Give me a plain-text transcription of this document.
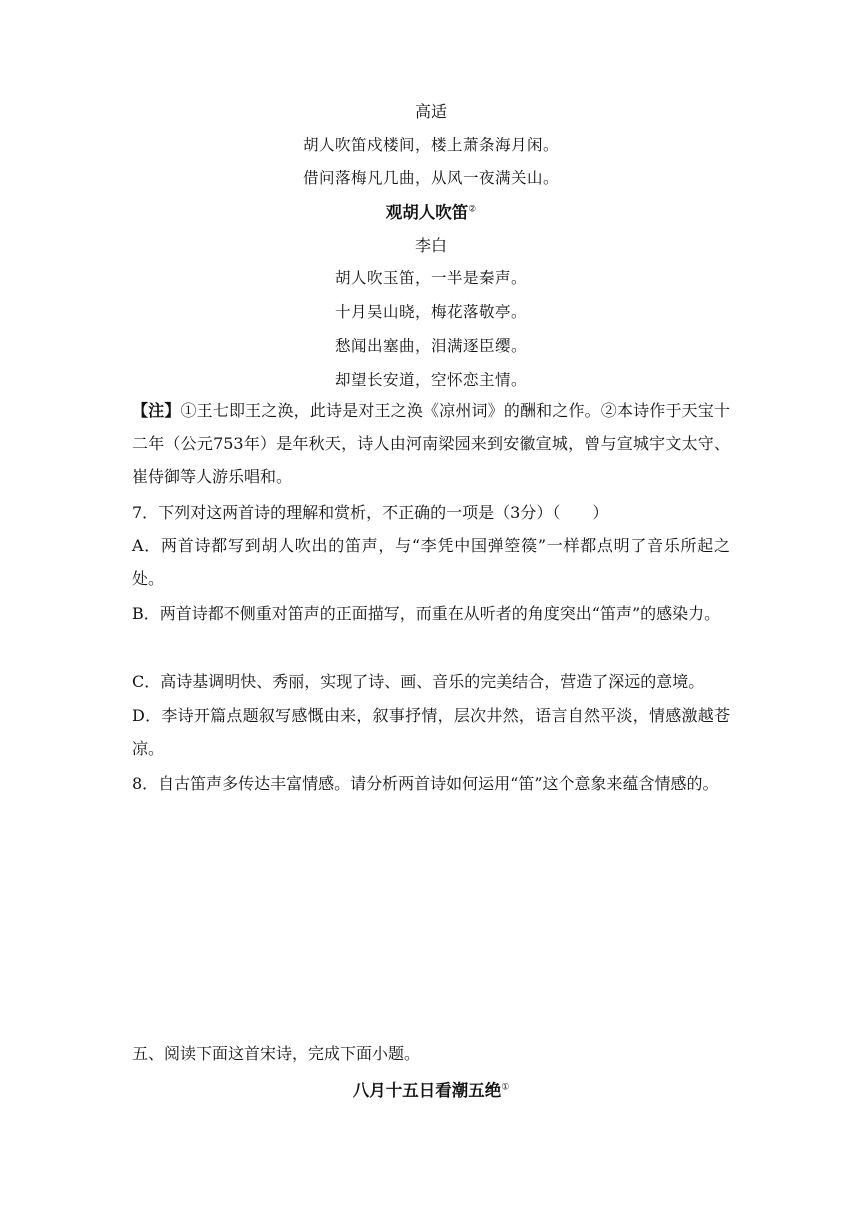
高适
胡人吹笛戍楼间，楼上萧条海月闲。
借问落梅凡几曲，从风一夜满关山。
观胡人吹笛②
李白
胡人吹玉笛，一半是秦声。
十月吴山晓，梅花落敬亭。
愁闻出塞曲，泪满逐臣缨。
却望长安道，空怀恋主情。
【注】①王七即王之涣，此诗是对王之涣《凉州词》的酬和之作。②本诗作于天宝十二年（公元753年）是年秋天，诗人由河南梁园来到安徽宣城，曾与宣城宇文太守、崔侍御等人游乐唱和。
7．下列对这两首诗的理解和赏析，不正确的一项是（3分）（　　）
A．两首诗都写到胡人吹出的笛声，与“李凭中国弹箜篌”一样都点明了音乐所起之处。
B．两首诗都不侧重对笛声的正面描写，而重在从听者的角度突出“笛声”的感染力。
C．高诗基调明快、秀丽，实现了诗、画、音乐的完美结合，营造了深远的意境。
D．李诗开篇点题叙写感慨由来，叙事抒情，层次井然，语言自然平淡，情感激越苍凉。
8．自古笛声多传达丰富情感。请分析两首诗如何运用“笛”这个意象来蕴含情感的。
五、阅读下面这首宋诗，完成下面小题。
八月十五日看潮五绝①
